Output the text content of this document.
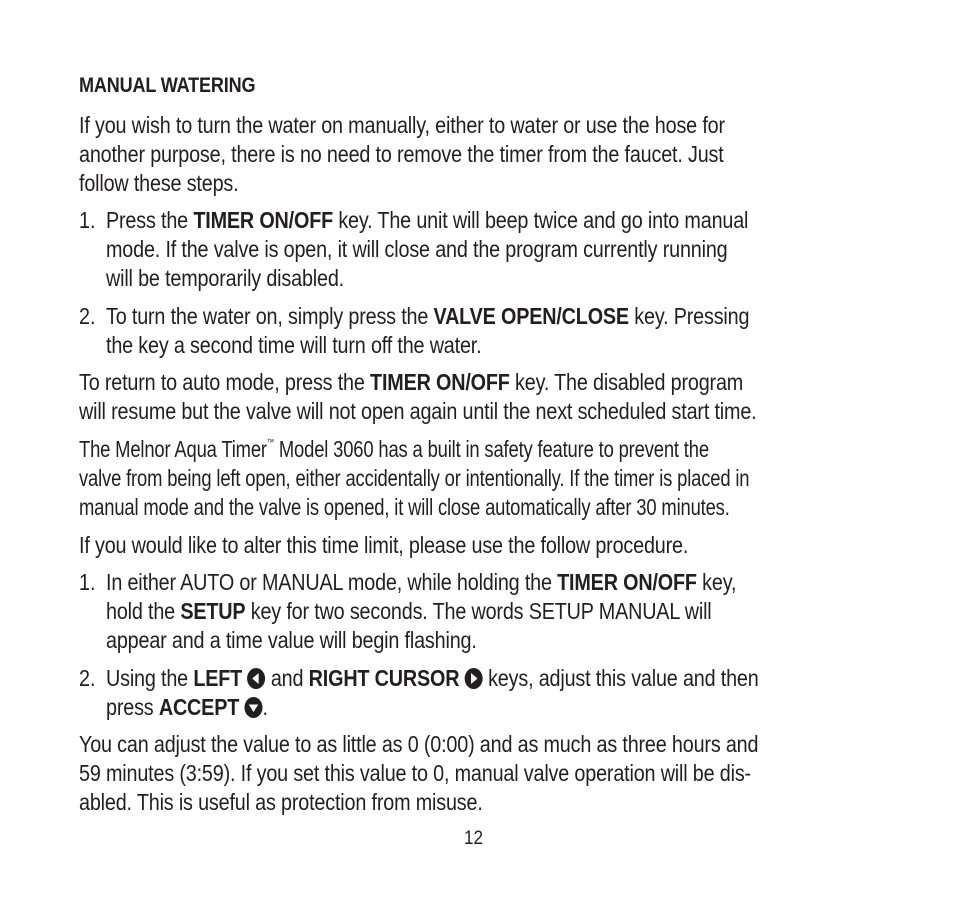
MANUAL WATERING
If you wish to turn the water on manually, either to water or use the hose for
another purpose, there is no need to remove the timer from the faucet. Just
follow these steps.
1. Press the TIMER ON/OFF key. The unit will beep twice and go into manual
mode. If the valve is open, it will close and the program currently running
will be temporarily disabled.
2. To turn the water on, simply press the VALVE OPEN/CLOSE key. Pressing
the key a second time will turn off the water.
To return to auto mode, press the TIMER ON/OFF key. The disabled program
will resume but the valve will not open again until the next scheduled start time.
The Melnor Aqua Timer™ Model 3060 has a built in safety feature to prevent the
valve from being left open, either accidentally or intentionally. If the timer is placed in
manual mode and the valve is opened, it will close automatically after 30 minutes.
If you would like to alter this time limit, please use the follow procedure.
1. In either AUTO or MANUAL mode, while holding the TIMER ON/OFF key,
hold the SETUP key for two seconds. The words SETUP MANUAL will
appear and a time value will begin flashing.
2. Using the LEFT and RIGHT CURSOR keys, adjust this value and then
press ACCEPT .
You can adjust the value to as little as 0 (0:00) and as much as three hours and
59 minutes (3:59). If you set this value to 0, manual valve operation will be dis-
abled. This is useful as protection from misuse.
12
